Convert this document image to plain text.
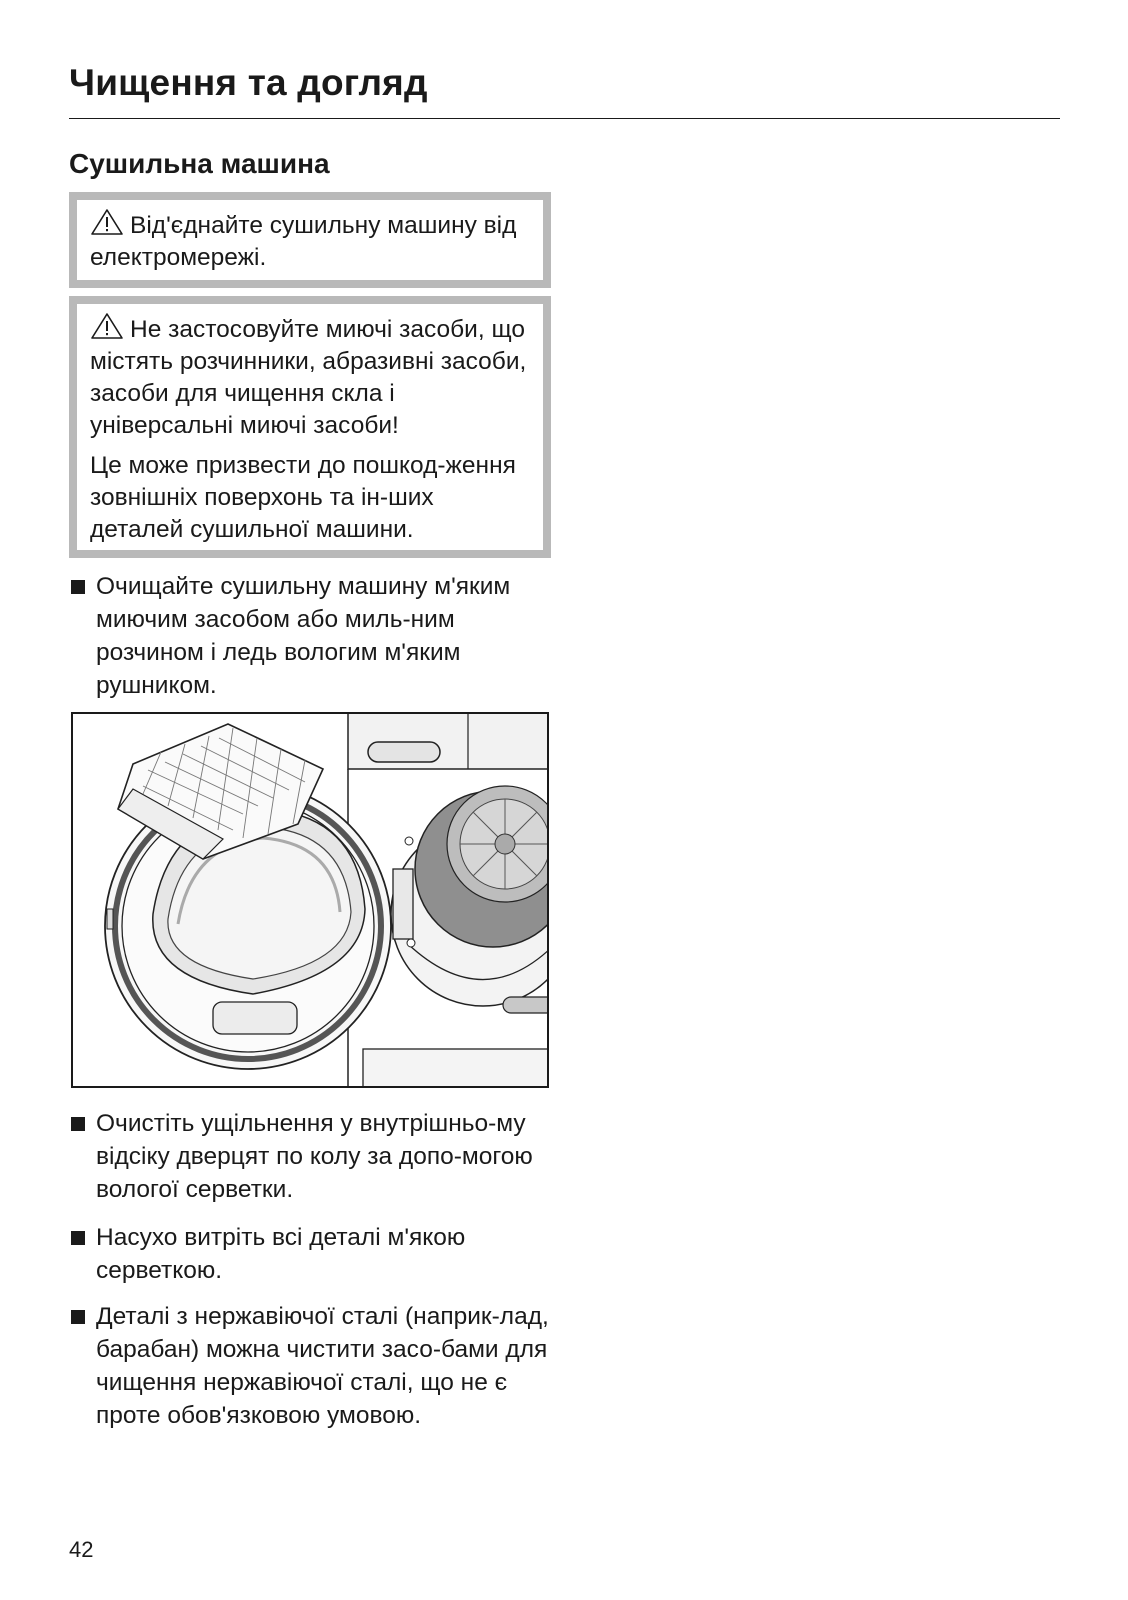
Чищення та догляд
Сушильна машина

Від'єднайте сушильну машину від електромережі.

Не застосовуйте миючі засоби, що містять розчинники, абразивні засоби, засоби для чищення скла і універсальні миючі засоби!

Це може призвести до пошкод-ження зовнішніх поверхонь та ін-ших деталей сушильної машини.

Очищайте сушильну машину м'яким миючим засобом або миль-ним розчином і ледь вологим м'яким рушником.
Очистіть ущільнення у внутрішньо-му відсіку дверцят по колу за допо-могою вологої серветки.
Насухо витріть всі деталі м'якою серветкою.
Деталі з нержавіючої сталі (наприк-лад, барабан) можна чистити засо-бами для чищення нержавіючої сталі, що не є проте обов'язковою умовою.
42
